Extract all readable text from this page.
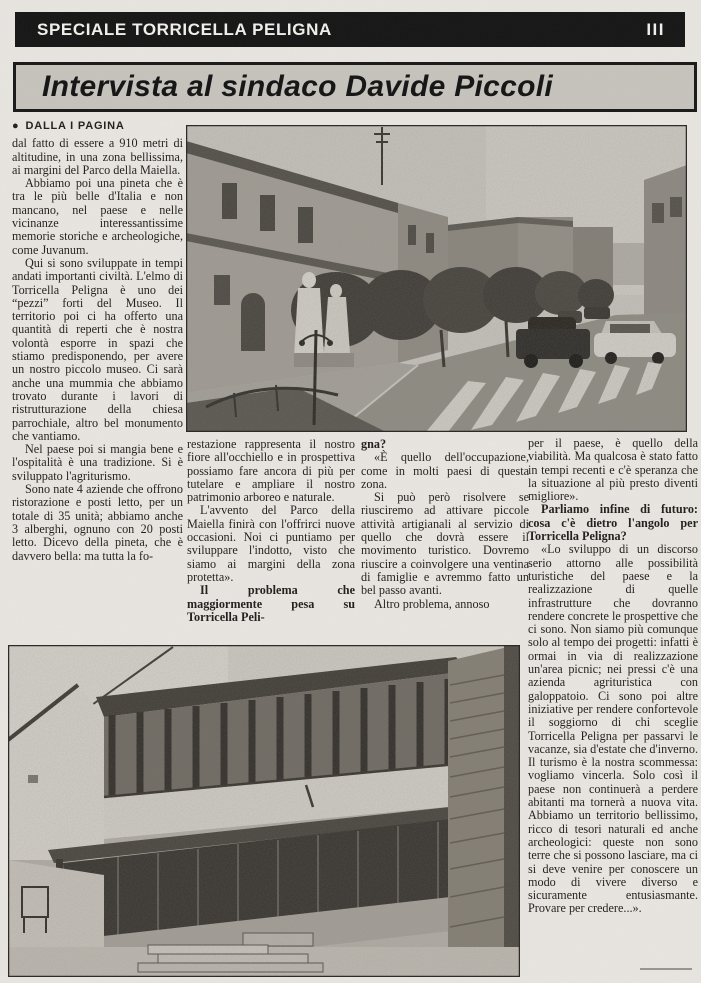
SPECIALE TORRICELLA PELIGNA	III
Intervista al sindaco Davide Piccoli
● DALLA I PAGINA

dal fatto di essere a 910 metri di altitudine, in una zona bellissima, ai margini del Parco della Maiella.

Abbiamo poi una pineta che è tra le più belle d'Italia e non mancano, nel paese e nelle vicinanze interessantissime memorie storiche e archeologiche, come Juvanum.

Qui si sono sviluppate in tempi andati importanti civiltà. L'elmo di Torricella Peligna è uno dei “pezzi” forti del Museo. Il territorio poi ci ha offerto una quantità di reperti che è nostra volontà esporre in spazi che stiamo predisponendo, per avere un nostro piccolo museo. Ci sarà anche una mummia che abbiamo trovato durante i lavori di ristrutturazione della chiesa parrochiale, altro bel monumento che vantiamo.

Nel paese poi si mangia bene e l'ospitalità è una tradizione. Si è sviluppato l'agriturismo.

Sono nate 4 aziende che offrono ristorazione e posti letto, per un totale di 35 unità; abbiamo anche 3 alberghi, ognuno con 20 posti letto. Dicevo della pineta, che è davvero bella: ma tutta la fo-

restazione rappresenta il nostro fiore all'occhiello e in prospettiva possiamo fare ancora di più per tutelare e ampliare il nostro patrimonio arboreo e naturale.

L'avvento del Parco della Maiella finirà con l'offrirci nuove occasioni. Noi ci puntiamo per sviluppare l'indotto, visto che siamo ai margini della zona protetta».

Il problema che maggiormente pesa su Torricella Peli-

gna?

«È quello dell'occupazione, come in molti paesi di questa zona.

Si può però risolvere se riusciremo ad attivare piccole attività artigianali al servizio di quello che dovrà essere il movimento turistico. Dovremo riuscire a coinvolgere una ventina di famiglie e avremmo fatto un bel passo avanti.

Altro problema, annoso

per il paese, è quello della viabilità. Ma qualcosa è stato fatto in tempi recenti e c'è speranza che la situazione al più presto diventi migliore».

Parliamo infine di futuro: cosa c'è dietro l'angolo per Torricella Peligna?

«Lo sviluppo di un discorso serio attorno alle possibilità turistiche del paese e la realizzazione di quelle infrastrutture che dovranno rendere concrete le prospettive che ci sono. Non siamo più comunque solo al tempo dei progetti: infatti è ormai in via di realizzazione un'area picnic; nei pressi c'è una azienda agrituristica con galoppatoio. Ci sono poi altre iniziative per rendere confortevole il soggiorno di chi sceglie Torricella Peligna per passarvi le vacanze, sia d'estate che d'inverno. Il turismo è la nostra scommessa: vogliamo vincerla. Solo così il paese non continuerà a perdere abitanti ma tornerà a nuova vita. Abbiamo un territorio bellissimo, ricco di tesori naturali ed anche archeologici: queste non sono terre che si possono lasciare, ma ci si deve venire per conoscere un modo di vivere diverso e sicuramente entusiasmante. Provare per credere...».
